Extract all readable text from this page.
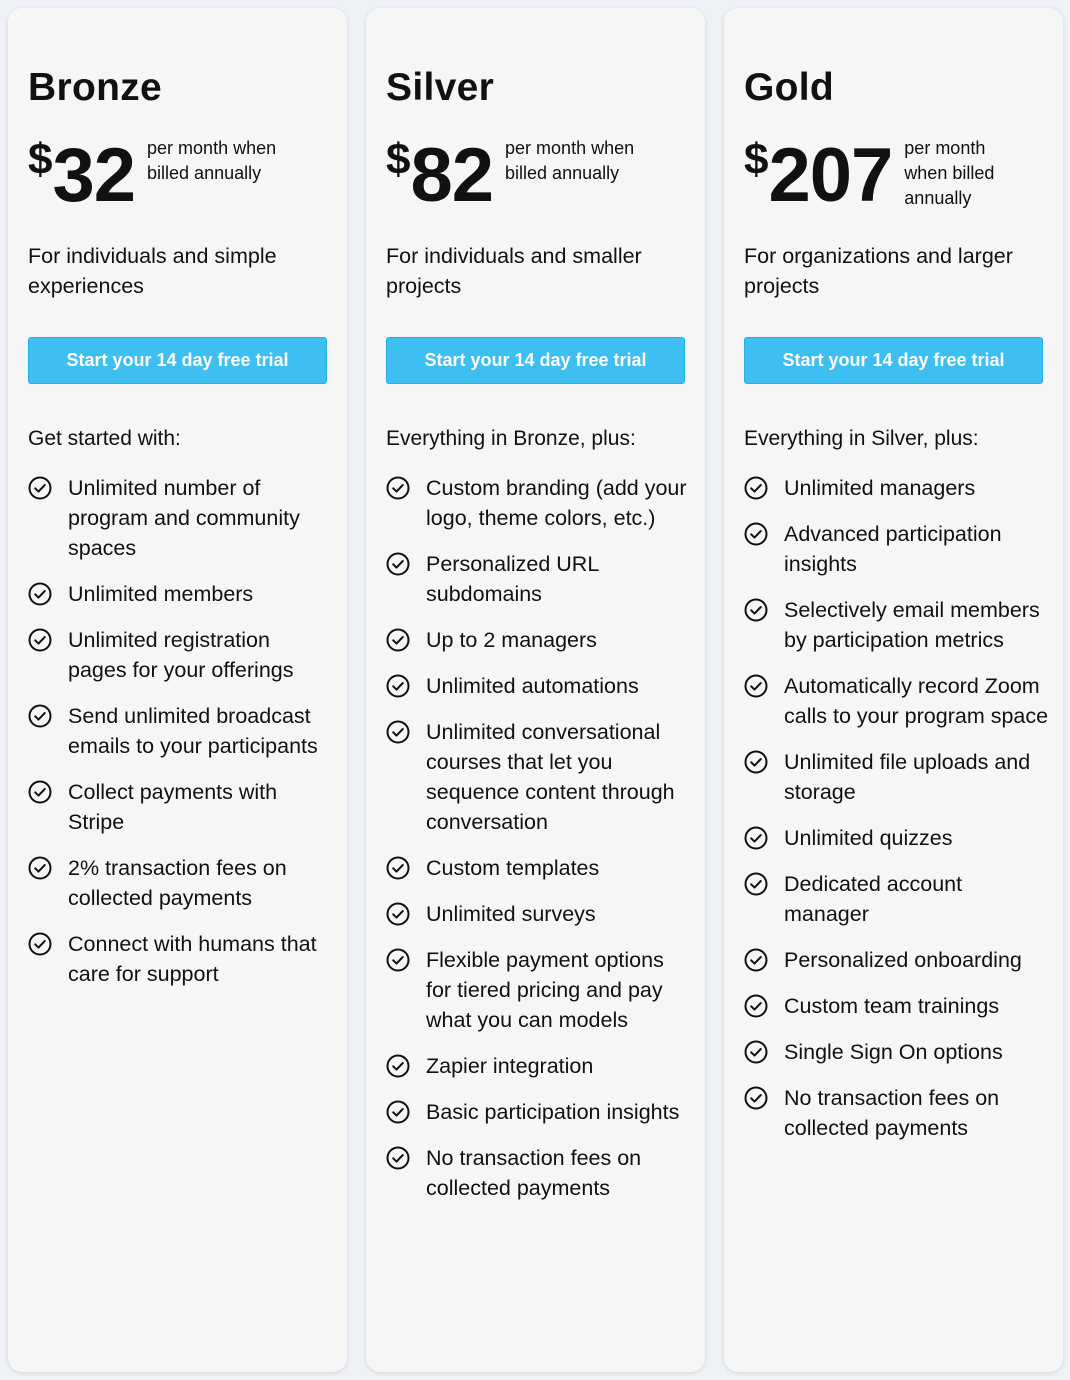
Bronze
$ 32 per month when
billed annually
For individuals and simple experiences
Start your 14 day free trial
Get started with:
Unlimited number of program and community spaces
Unlimited members
Unlimited registration pages for your offerings
Send unlimited broadcast emails to your participants
Collect payments with Stripe
2% transaction fees on collected payments
Connect with humans that care for support
Silver
$ 82 per month when
billed annually
For individuals and smaller projects
Start your 14 day free trial
Everything in Bronze, plus:
Custom branding (add your logo, theme colors, etc.)
Personalized URL subdomains
Up to 2 managers
Unlimited automations
Unlimited conversational courses that let you sequence content through conversation
Custom templates
Unlimited surveys
Flexible payment options for tiered pricing and pay what you can models
Zapier integration
Basic participation insights
No transaction fees on collected payments
Gold
$ 207 per month
when billed
annually
For organizations and larger projects
Start your 14 day free trial
Everything in Silver, plus:
Unlimited managers
Advanced participation insights
Selectively email members by participation metrics
Automatically record Zoom calls to your program space
Unlimited file uploads and storage
Unlimited quizzes
Dedicated account manager
Personalized onboarding
Custom team trainings
Single Sign On options
No transaction fees on collected payments
